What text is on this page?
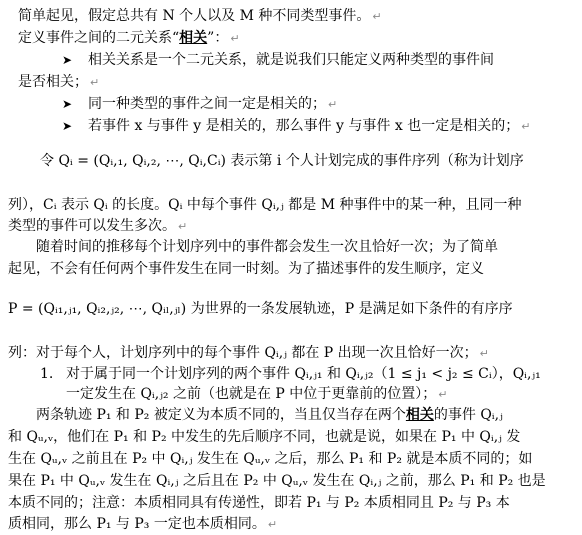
简单起见，假定总共有 N 个人以及 M 种不同类型事件。 ↵
定义事件之间的二元关系“相关”： ↵
➤ 相关关系是一个二元关系，就是说我们只能定义两种类型的事件间
是否相关； ↵
➤ 同一种类型的事件之间一定是相关的； ↵
➤ 若事件 x 与事件 y 是相关的，那么事件 y 与事件 x 也一定是相关的； ↵
令 Qᵢ = (Qᵢ,₁, Qᵢ,₂, ⋯, Qᵢ,Cᵢ) 表示第 i 个人计划完成的事件序列（称为计划序
列），Cᵢ 表示 Qᵢ 的长度。Qᵢ 中每个事件 Qᵢ,ⱼ 都是 M 种事件中的某一种，且同一种
类型的事件可以发生多次。 ↵
随着时间的推移每个计划序列中的事件都会发生一次且恰好一次；为了简单
起见，不会有任何两个事件发生在同一时刻。为了描述事件的发生顺序，定义
P = (Qᵢ₁,ⱼ₁, Qᵢ₂,ⱼ₂, ⋯, Qᵢₗ,ⱼₗ) 为世界的一条发展轨迹，P 是满足如下条件的有序序
列：对于每个人，计划序列中的每个事件 Qᵢ,ⱼ 都在 P 出现一次且恰好一次； ↵
1. 对于属于同一个计划序列的两个事件 Qᵢ,ⱼ₁ 和 Qᵢ,ⱼ₂（1 ≤ j₁ < j₂ ≤ Cᵢ），Qᵢ,ⱼ₁
一定发生在 Qᵢ,ⱼ₂ 之前（也就是在 P 中位于更靠前的位置）； ↵
两条轨迹 P₁ 和 P₂ 被定义为本质不同的，当且仅当存在两个相关的事件 Qᵢ,ⱼ
和 Qᵤ,ᵥ，他们在 P₁ 和 P₂ 中发生的先后顺序不同，也就是说，如果在 P₁ 中 Qᵢ,ⱼ 发
生在 Qᵤ,ᵥ 之前且在 P₂ 中 Qᵢ,ⱼ 发生在 Qᵤ,ᵥ 之后，那么 P₁ 和 P₂ 就是本质不同的；如
果在 P₁ 中 Qᵤ,ᵥ 发生在 Qᵢ,ⱼ 之后且在 P₂ 中 Qᵤ,ᵥ 发生在 Qᵢ,ⱼ 之前，那么 P₁ 和 P₂ 也是
本质不同的；注意：本质相同具有传递性，即若 P₁ 与 P₂ 本质相同且 P₂ 与 P₃ 本
质相同，那么 P₁ 与 P₃ 一定也本质相同。 ↵
